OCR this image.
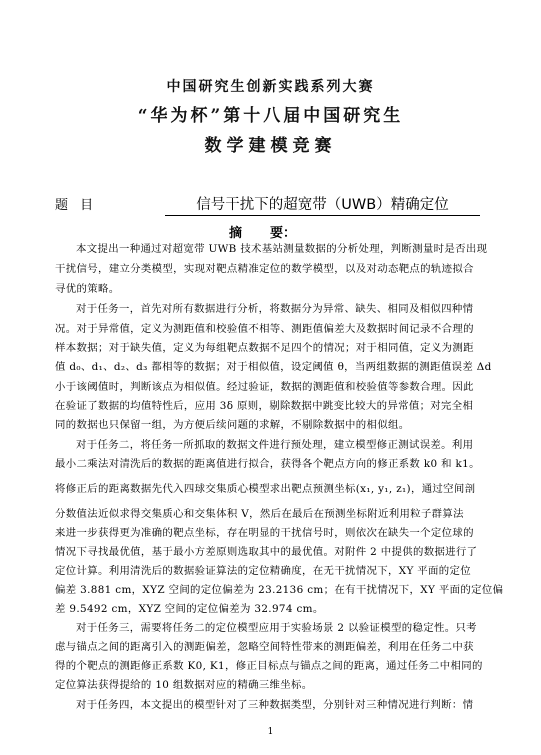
中国研究生创新实践系列大赛
“华为杯”第十八届中国研究生
数学建模竞赛
题 目	信号干扰下的超宽带（UWB）精确定位
摘 要：
本文提出一种通过对超宽带 UWB 技术基站测量数据的分析处理，判断测量时是否出现
干扰信号，建立分类模型，实现对靶点精准定位的数学模型，以及对动态靶点的轨迹拟合
寻优的策略。
对于任务一，首先对所有数据进行分析，将数据分为异常、缺失、相同及相似四种情
况。对于异常值，定义为测距值和校验值不相等、测距值偏差大及数据时间记录不合理的
样本数据；对于缺失值，定义为每组靶点数据不足四个的情况；对于相同值，定义为测距
值 d₀、d₁、d₂、d₃ 都相等的数据；对于相似值，设定阈值 θ，当两组数据的测距值误差 Δd
小于该阈值时，判断该点为相似值。经过验证，数据的测距值和校验值等参数合理。因此
在验证了数据的均值特性后，应用 3δ 原则，剔除数据中跳变比较大的异常值；对完全相
同的数据也只保留一组，为方便后续问题的求解，不剔除数据中的相似组。
对于任务二，将任务一所抓取的数据文件进行预处理，建立模型修正测试误差。利用
最小二乘法对清洗后的数据的距离值进行拟合，获得各个靶点方向的修正系数 k0 和 k1。
将修正后的距离数据先代入四球交集质心模型求出靶点预测坐标(x₁, y₁, z₁)，通过空间剖
分数值法近似求得交集质心和交集体积 V，然后在最后在预测坐标附近利用粒子群算法
来进一步获得更为准确的靶点坐标，存在明显的干扰信号时，则依次在缺失一个定位球的
情况下寻找最优值，基于最小方差原则选取其中的最优值。对附件 2 中提供的数据进行了
定位计算。利用清洗后的数据验证算法的定位精确度，在无干扰情况下，XY 平面的定位
偏差 3.881 cm，XYZ 空间的定位偏差为 23.2136 cm；在有干扰情况下，XY 平面的定位偏
差 9.5492 cm，XYZ 空间的定位偏差为 32.974 cm。
对于任务三，需要将任务二的定位模型应用于实验场景 2 以验证模型的稳定性。只考
虑与锚点之间的距离引入的测距偏差，忽略空间特性带来的测距偏差，利用在任务二中获
得的个靶点的测距修正系数 K0, K1，修正目标点与锚点之间的距离，通过任务二中相同的
定位算法获得提给的 10 组数据对应的精确三维坐标。
对于任务四，本文提出的模型针对了三种数据类型，分别针对三种情况进行判断：情
1
